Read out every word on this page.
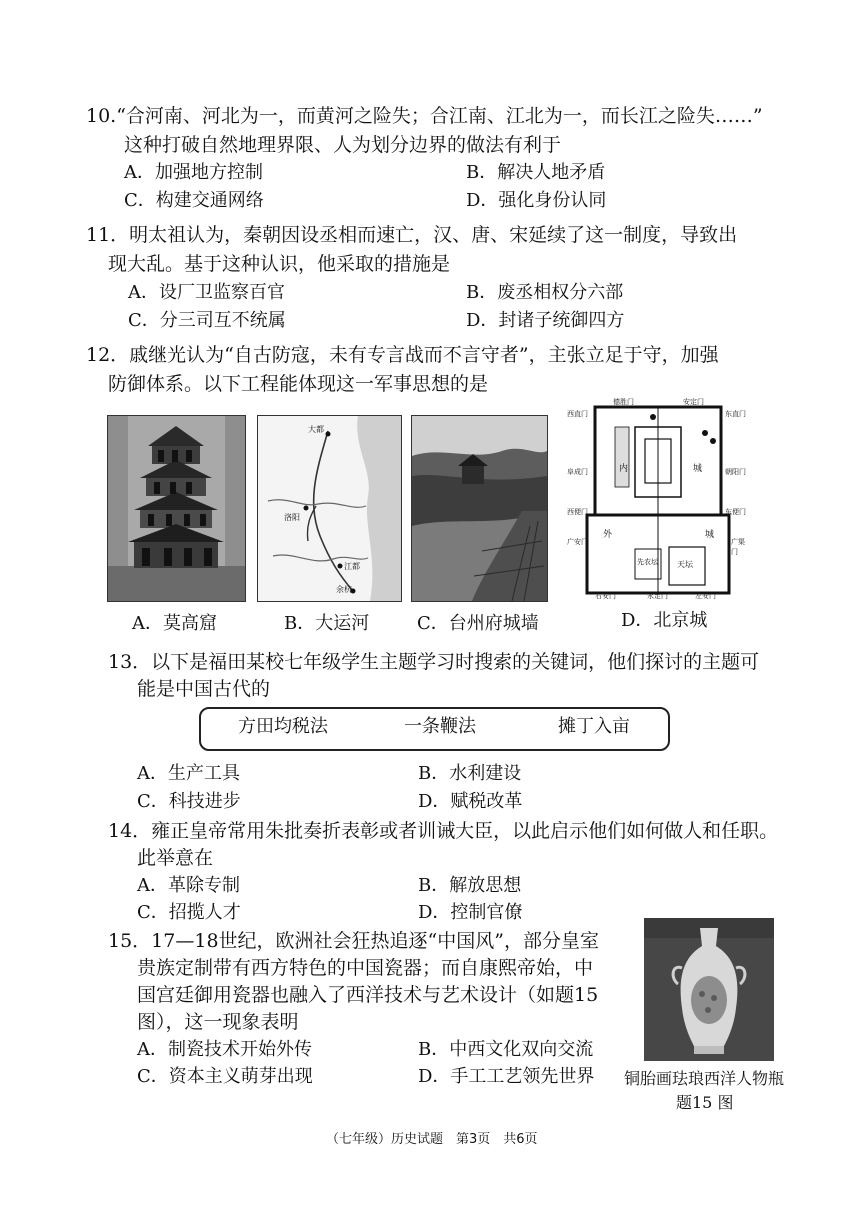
10.“合河南、河北为一，而黄河之险失；合江南、江北为一，而长江之险失……”
这种打破自然地理界限、人为划分边界的做法有利于
A．加强地方控制	B．解决人地矛盾
C．构建交通网络	D．强化身份认同
11．明太祖认为，秦朝因设丞相而速亡，汉、唐、宋延续了这一制度，导致出
现大乱。基于这种认识，他采取的措施是
A．设厂卫监察百官	B．废丞相权分六部
C．分三司互不统属	D．封诸子统御四方
12．戚继光认为“自古防寇，未有专言战而不言守者”，主张立足于守，加强
防御体系。以下工程能体现这一军事思想的是
大都
洛阳
江都
余杭
德胜门	安定门
西直门	东直门
阜成门	朝阳门
内	城
外	城
永定门
广安门	广渠门
天坛
先农坛
西便门	东便门
左安门
右安门
A．莫高窟	B．大运河	C．台州府城墙	D．北京城
13．以下是福田某校七年级学生主题学习时搜索的关键词，他们探讨的主题可
能是中国古代的
方田均税法	一条鞭法	摊丁入亩
A．生产工具	B．水利建设
C．科技进步	D．赋税改革
14．雍正皇帝常用朱批奏折表彰或者训诫大臣，以此启示他们如何做人和任职。
此举意在
A．革除专制	B．解放思想
C．招揽人才	D．控制官僚
15．17—18世纪，欧洲社会狂热追逐“中国风”，部分皇室
贵族定制带有西方特色的中国瓷器；而自康熙帝始，中
国宫廷御用瓷器也融入了西洋技术与艺术设计（如题15
图），这一现象表明
A．制瓷技术开始外传	B．中西文化双向交流
C．资本主义萌芽出现	D．手工工艺领先世界 铜胎画珐琅西洋人物瓶
题15 图
（七年级）历史试题　第3页　共6页
